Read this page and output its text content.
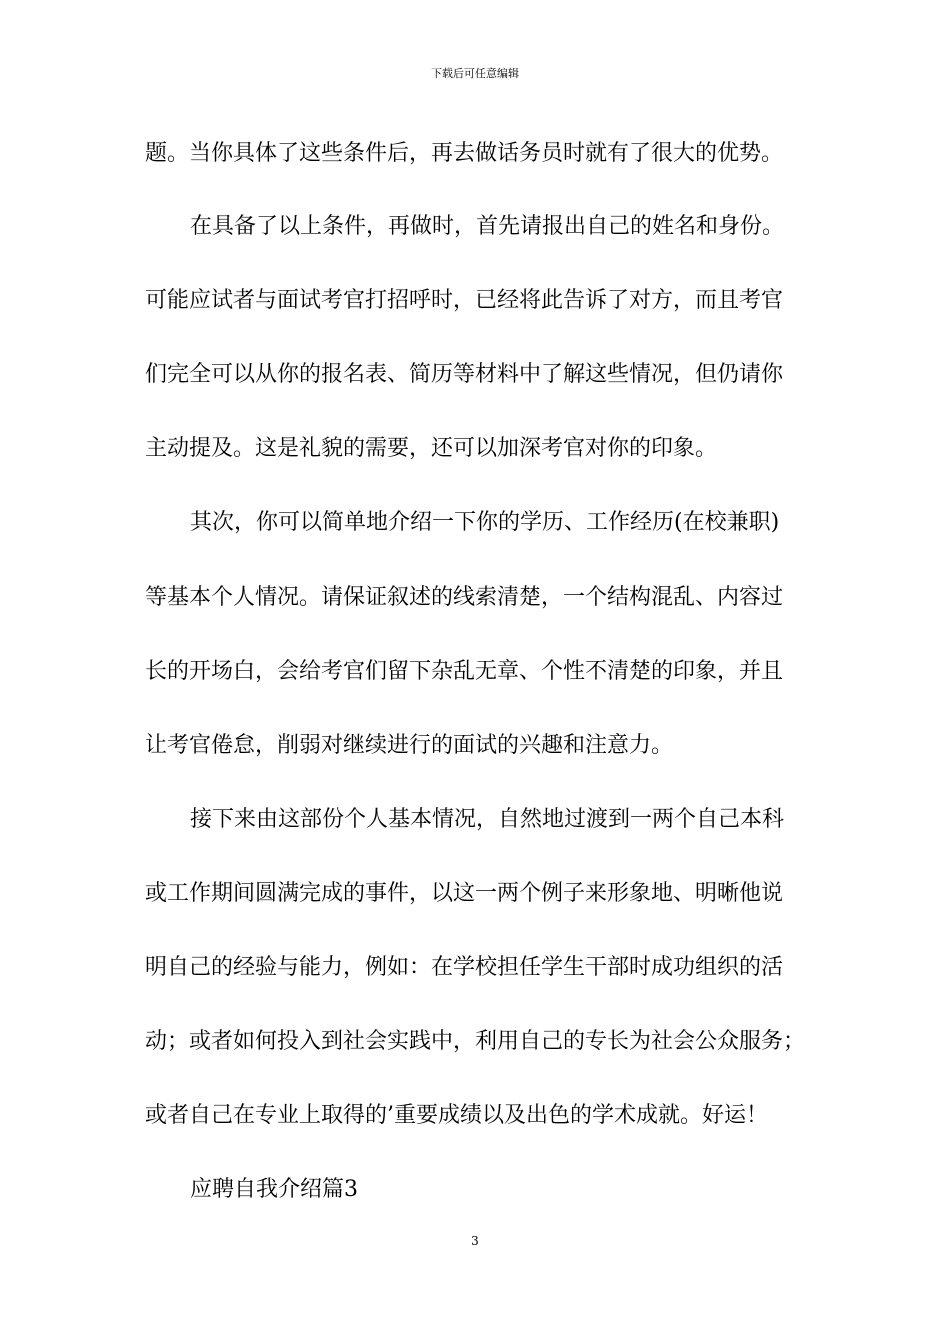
下载后可任意编辑
题。当你具体了这些条件后，再去做话务员时就有了很大的优势。
在具备了以上条件，再做时，首先请报出自己的姓名和身份。
可能应试者与面试考官打招呼时，已经将此告诉了对方，而且考官
们完全可以从你的报名表、简历等材料中了解这些情况，但仍请你
主动提及。这是礼貌的需要，还可以加深考官对你的印象。
其次，你可以简单地介绍一下你的学历、工作经历(在校兼职)
等基本个人情况。请保证叙述的线索清楚，一个结构混乱、内容过
长的开场白，会给考官们留下杂乱无章、个性不清楚的印象，并且
让考官倦怠，削弱对继续进行的面试的兴趣和注意力。
接下来由这部份个人基本情况，自然地过渡到一两个自己本科
或工作期间圆满完成的事件，以这一两个例子来形象地、明晰他说
明自己的经验与能力，例如：在学校担任学生干部时成功组织的活
动；或者如何投入到社会实践中，利用自己的专长为社会公众服务；
或者自己在专业上取得的’重要成绩以及出色的学术成就。好运！
应聘自我介绍篇3
3
